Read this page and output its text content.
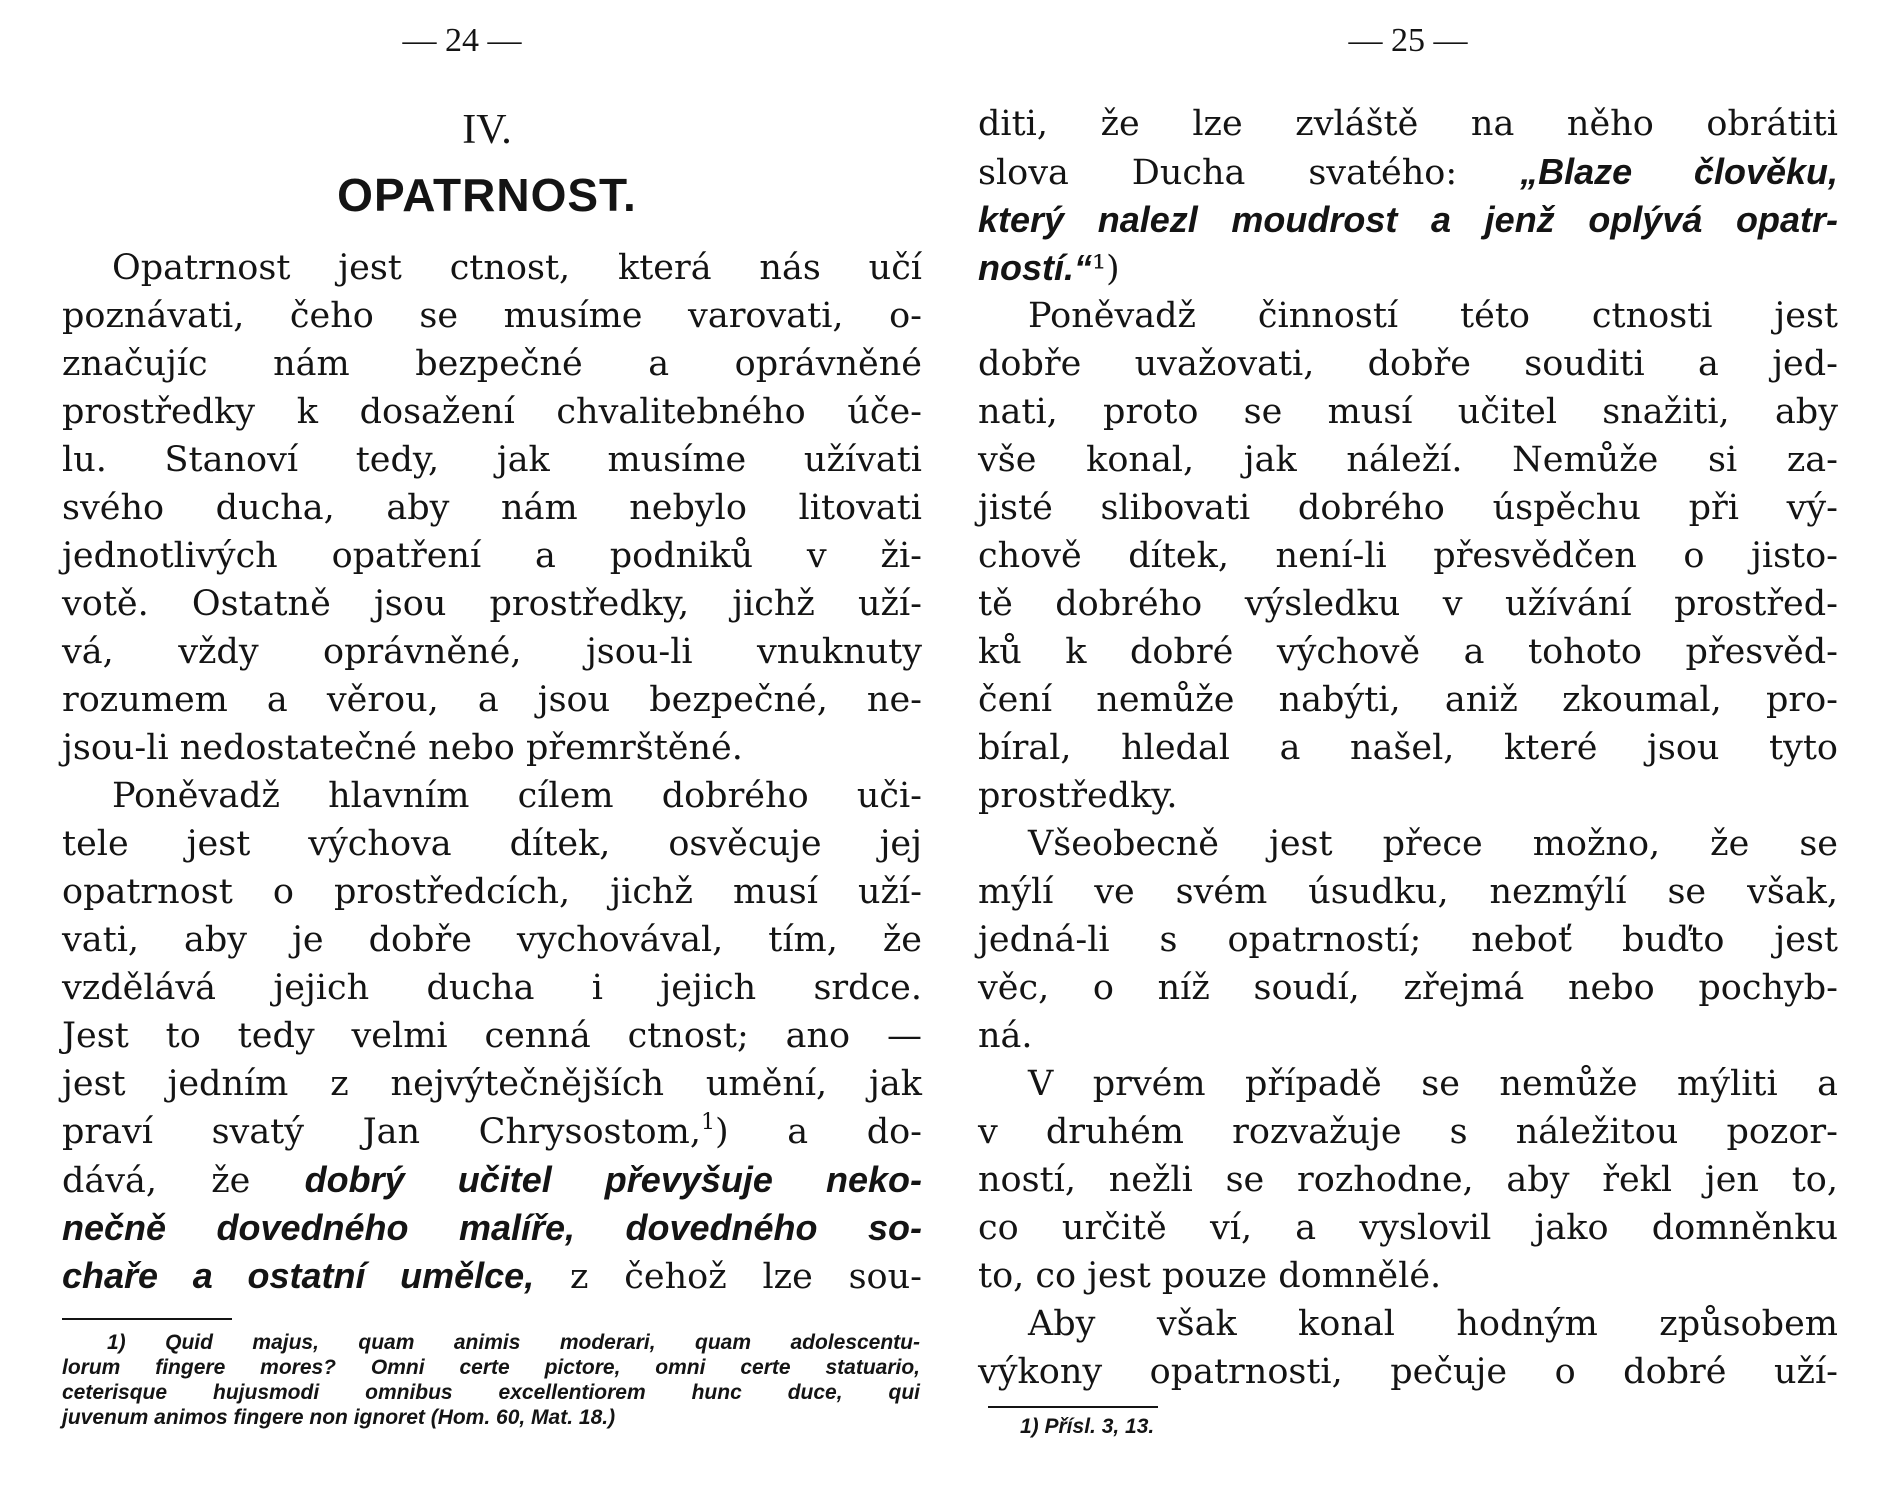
— 24 —
IV.
OPATRNOST.
Opatrnost jest ctnost, která nás učí
poznávati, čeho se musíme varovati, o-
značujíc nám bezpečné a oprávněné
prostředky k dosažení chvalitebného úče-
lu. Stanoví tedy, jak musíme užívati
svého ducha, aby nám nebylo litovati
jednotlivých opatření a podniků v ži-
votě. Ostatně jsou prostředky, jichž uží-
vá, vždy oprávněné, jsou-li vnuknuty
rozumem a věrou, a jsou bezpečné, ne-
jsou-li nedostatečné nebo přemrštěné.
Poněvadž hlavním cílem dobrého uči-
tele jest výchova dítek, osvěcuje jej
opatrnost o prostředcích, jichž musí uží-
vati, aby je dobře vychovával, tím, že
vzdělává jejich ducha i jejich srdce.
Jest to tedy velmi cenná ctnost; ano —
jest jedním z nejvýtečnějších umění, jak
praví svatý Jan Chrysostom,$^1$) a do-
dává, že dobrý učitel převyšuje neko-
nečně dovedného malíře, dovedného so-
chaře a ostatní umělce, z čehož lze sou-
1) Quid majus, quam animis moderari, quam adolescentu-
lorum fingere mores? Omni certe pictore, omni certe statuario,
ceterisque hujusmodi omnibus excellentiorem hunc duce, qui
juvenum animos fingere non ignoret (Hom. 60, Mat. 18.)
— 25 —
diti, že lze zvláště na něho obrátiti
slova Ducha svatého: „Blaze člověku,
který nalezl moudrost a jenž oplývá opatr-
ností.“¹)
Poněvadž činností této ctnosti jest
dobře uvažovati, dobře souditi a jed-
nati, proto se musí učitel snažiti, aby
vše konal, jak náleží. Nemůže si za-
jisté slibovati dobrého úspěchu při vý-
chově dítek, není-li přesvědčen o jisto-
tě dobrého výsledku v užívání prostřed-
ků k dobré výchově a tohoto přesvěd-
čení nemůže nabýti, aniž zkoumal, pro-
bíral, hledal a našel, které jsou tyto
prostředky.
Všeobecně jest přece možno, že se
mýlí ve svém úsudku, nezmýlí se však,
jedná-li s opatrností; neboť buďto jest
věc, o níž soudí, zřejmá nebo pochyb-
ná.
V prvém případě se nemůže mýliti a
v druhém rozvažuje s náležitou pozor-
ností, nežli se rozhodne, aby řekl jen to,
co určitě ví, a vyslovil jako domněnku
to, co jest pouze domnělé.
Aby však konal hodným způsobem
výkony opatrnosti, pečuje o dobré uží-
1) Přísl. 3, 13.
